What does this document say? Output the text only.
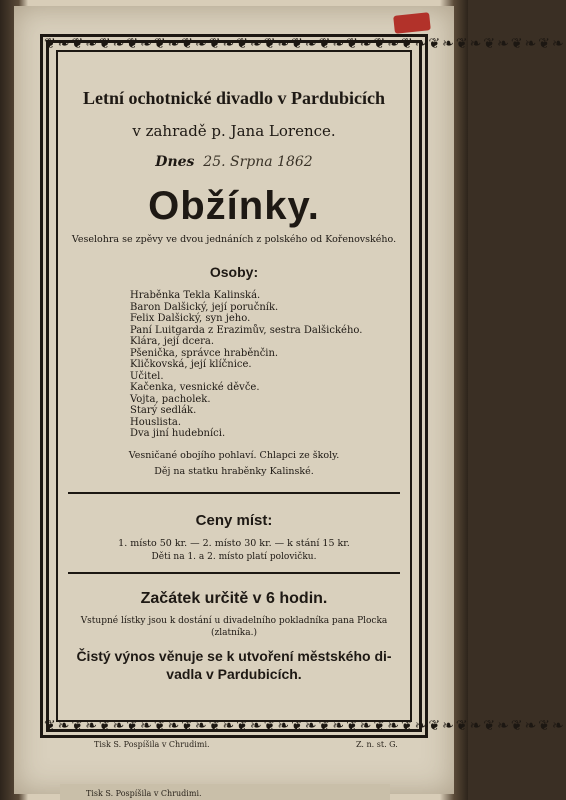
❦❧❦❧❦❧❦❧❦❧❦❧❦❧❦❧❦❧❦❧❦❧❦❧❦❧❦❧❦❧❦❧❦❧❦❧❦❧
❦❧❦❧❦❧❦❧❦❧❦❧❦❧❦❧❦❧❦❧❦❧❦❧❦❧❦❧❦❧❦❧❦❧❦❧❦❧
Letní ochotnické divadlo v Pardubicích
v zahradě p. Jana Lorence.
Dnes 25. Srpna 1862
Obžínky.
Veselohra se zpěvy ve dvou jednáních z polského od Kořenovského.
Osoby:
Hraběnka Tekla Kalinská.
Baron Dalšický, její poručník.
Felix Dalšický, syn jeho.
Paní Luitgarda z Erazimův, sestra Dalšického.
Klára, její dcera.
Pšenička, správce hraběnčin.
Kličkovská, její klíčnice.
Učitel.
Kačenka, vesnické děvče.
Vojta, pacholek.
Starý sedlák.
Houslista.
Dva jiní hudebníci.
Vesničané obojího pohlaví. Chlapci ze školy.
Děj na statku hraběnky Kalinské.
Ceny míst:
1. místo 50 kr. — 2. místo 30 kr. — k stání 15 kr.
Děti na 1. a 2. místo platí polovičku.
Začátek určitě v 6 hodin.
Vstupné lístky jsou k dostání u divadelního pokladníka pana Plocka
(zlatníka.)
Čistý výnos věnuje se k utvoření městského di-
vadla v Pardubicích.
Tisk S. Pospíšila v Chrudimi.	Z. n. st. G.
Tisk S. Pospíšila v Chrudimi.
